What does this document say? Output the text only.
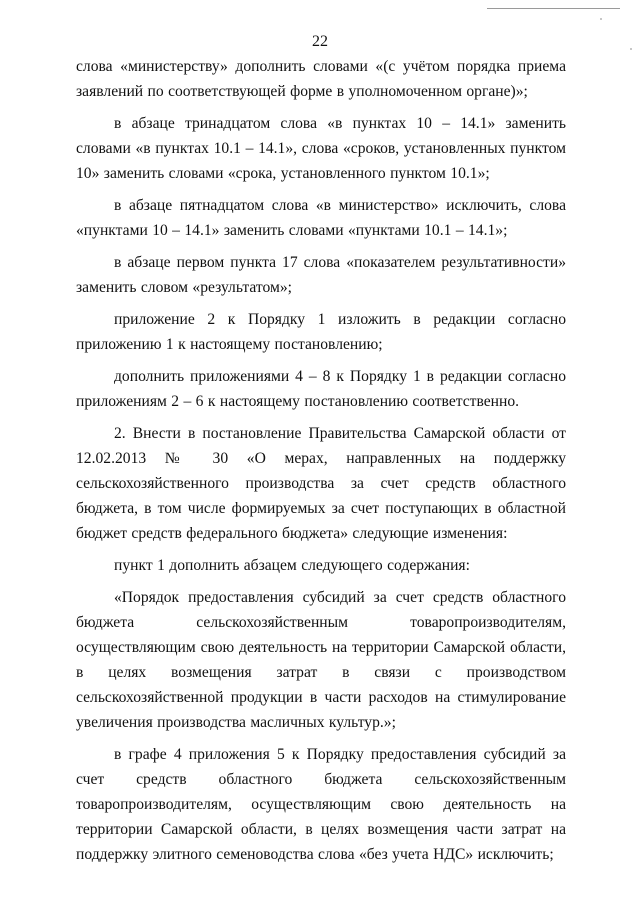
22

слова «министерству» дополнить словами «(с учётом порядка приема заявлений по соответствующей форме в уполномоченном органе)»;

в абзаце тринадцатом слова «в пунктах 10 – 14.1» заменить словами «в пунктах 10.1 – 14.1», слова «сроков, установленных пунктом 10» заменить словами «срока, установленного пунктом 10.1»;

в абзаце пятнадцатом слова «в министерство» исключить, слова «пунктами 10 – 14.1» заменить словами «пунктами 10.1 – 14.1»;

в абзаце первом пункта 17 слова «показателем результативности» заменить словом «результатом»;

приложение 2 к Порядку 1 изложить в редакции согласно приложению 1 к настоящему постановлению;

дополнить приложениями 4 – 8 к Порядку 1 в редакции согласно приложениям 2 – 6 к настоящему постановлению соответственно.

2. Внести в постановление Правительства Самарской области от 12.02.2013 № 30 «О мерах, направленных на поддержку сельскохозяйственного производства за счет средств областного бюджета, в том числе формируемых за счет поступающих в областной бюджет средств федерального бюджета» следующие изменения:

пункт 1 дополнить абзацем следующего содержания:

«Порядок предоставления субсидий за счет средств областного бюджета сельскохозяйственным товаропроизводителям, осуществляющим свою деятельность на территории Самарской области, в целях возмещения затрат в связи с производством сельскохозяйственной продукции в части расходов на стимулирование увеличения производства масличных культур.»;

в графе 4 приложения 5 к Порядку предоставления субсидий за счет средств областного бюджета сельскохозяйственным товаропроизводителям, осуществляющим свою деятельность на территории Самарской области, в целях возмещения части затрат на поддержку элитного семеноводства слова «без учета НДС» исключить;
